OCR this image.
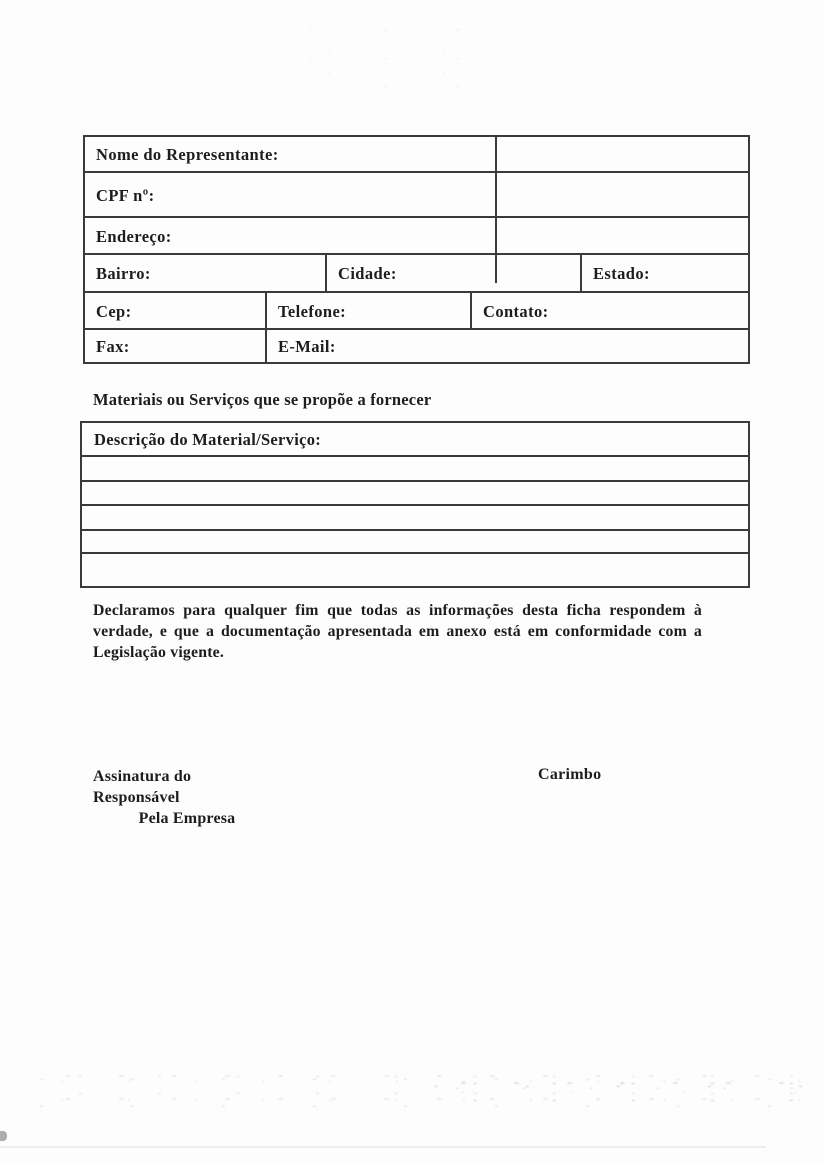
Nome do Representante:
CPF nº:
Endereço:
Bairro:	Cidade:	Estado:
Cep:	Telefone:	Contato:
Fax:	E-Mail:
Materiais ou Serviços que se propõe a fornecer
Descrição do Material/Serviço:
Declaramos para qualquer fim que todas as informações desta ficha respondem à
verdade, e que a documentação apresentada em anexo está em conformidade com a
Legislação vigente.
Assinatura do Responsável
Pela Empresa
Carimbo
